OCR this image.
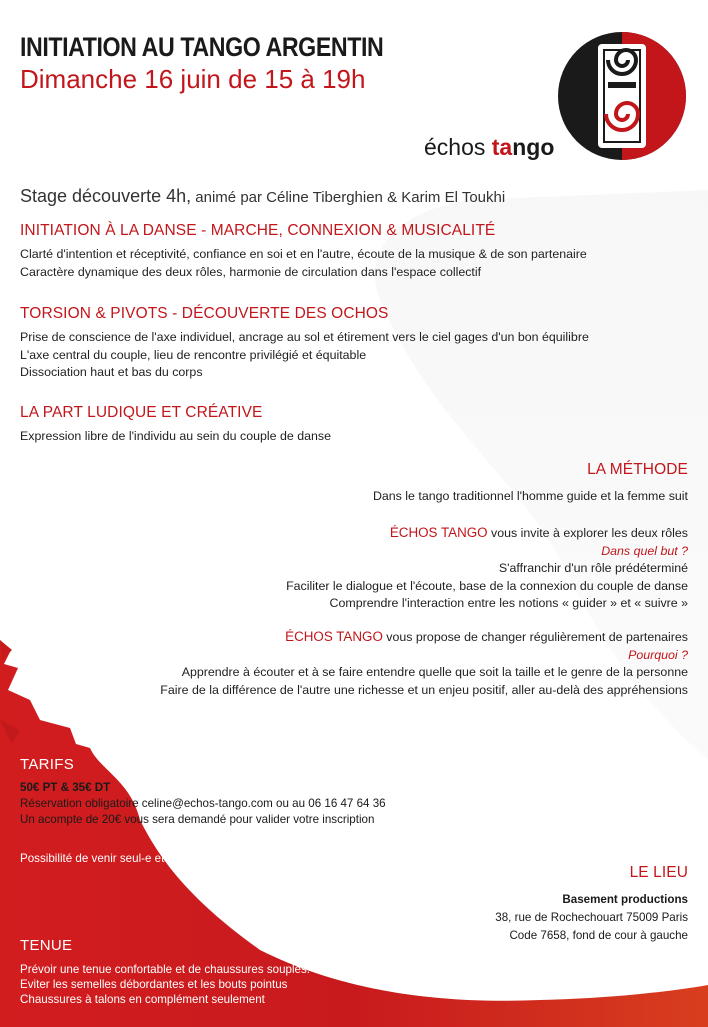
INITIATION AU TANGO ARGENTIN
Dimanche 16 juin de 15 à 19h
échos tango
Stage découverte 4h, animé par Céline Tiberghien & Karim El Toukhi
INITIATION À LA DANSE - MARCHE, CONNEXION & MUSICALITÉ
Clarté d'intention et réceptivité, confiance en soi et en l'autre, écoute de la musique & de son partenaire
Caractère dynamique des deux rôles, harmonie de circulation dans l'espace collectif
TORSION & PIVOTS - DÉCOUVERTE DES OCHOS
Prise de conscience de l'axe individuel, ancrage au sol et étirement vers le ciel gages d'un bon équilibre
L'axe central du couple, lieu de rencontre privilégié et équitable
Dissociation haut et bas du corps
LA PART LUDIQUE ET CRÉATIVE
Expression libre de l'individu au sein du couple de danse
LA MÉTHODE
Dans le tango traditionnel l'homme guide et la femme suit
ÉCHOS TANGO vous invite à explorer les deux rôles
Dans quel but ?
S'affranchir d'un rôle prédéterminé
Faciliter le dialogue et l'écoute, base de la connexion du couple de danse
Comprendre l'interaction entre les notions « guider » et « suivre »
ÉCHOS TANGO vous propose de changer régulièrement de partenaires
Pourquoi ?
Apprendre à écouter et à se faire entendre quelle que soit la taille et le genre de la personne
Faire de la différence de l'autre une richesse et un enjeu positif, aller au-delà des appréhensions
TARIFS
50€ PT & 35€ DT
Réservation obligatoire celine@echos-tango.com ou au 06 16 47 64 36
Un acompte de 20€ vous sera demandé pour valider votre inscription
Possibilité de venir seul-e et en couple
LE LIEU
Basement productions
38, rue de Rochechouart 75009 Paris
Code 7658, fond de cour à gauche
TENUE
Prévoir une tenue confortable et de chaussures souples.
Eviter les semelles débordantes et les bouts pointus
Chaussures à talons en complément seulement
